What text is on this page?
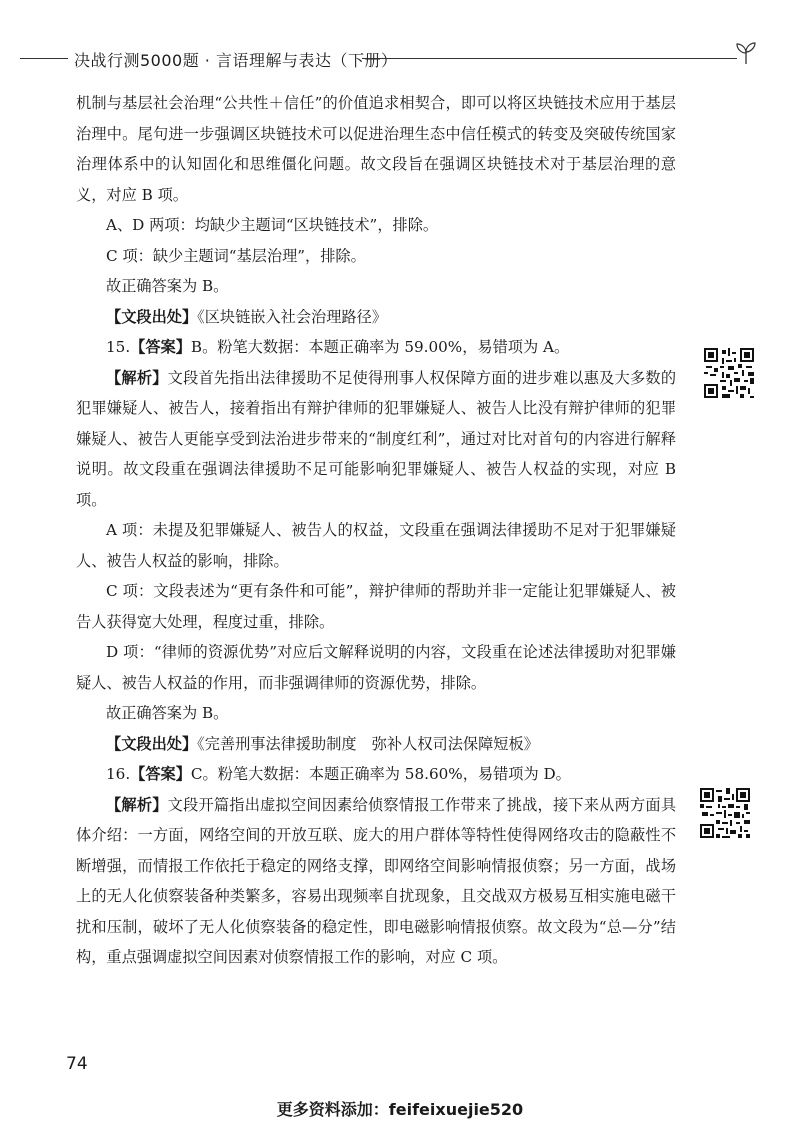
决战行测5000题 · 言语理解与表达（下册）

机制与基层社会治理“公共性＋信任”的价值追求相契合，即可以将区块链技术应用于基层治理中。尾句进一步强调区块链技术可以促进治理生态中信任模式的转变及突破传统国家治理体系中的认知固化和思维僵化问题。故文段旨在强调区块链技术对于基层治理的意义，对应 B 项。

A、D 两项：均缺少主题词“区块链技术”，排除。

C 项：缺少主题词“基层治理”，排除。

故正确答案为 B。

【文段出处】《区块链嵌入社会治理路径》

15.【答案】B。粉笔大数据：本题正确率为 59.00%，易错项为 A。

【解析】文段首先指出法律援助不足使得刑事人权保障方面的进步难以惠及大多数的犯罪嫌疑人、被告人，接着指出有辩护律师的犯罪嫌疑人、被告人比没有辩护律师的犯罪嫌疑人、被告人更能享受到法治进步带来的“制度红利”，通过对比对首句的内容进行解释说明。故文段重在强调法律援助不足可能影响犯罪嫌疑人、被告人权益的实现，对应 B 项。

A 项：未提及犯罪嫌疑人、被告人的权益，文段重在强调法律援助不足对于犯罪嫌疑人、被告人权益的影响，排除。

C 项：文段表述为“更有条件和可能”，辩护律师的帮助并非一定能让犯罪嫌疑人、被告人获得宽大处理，程度过重，排除。

D 项：“律师的资源优势”对应后文解释说明的内容，文段重在论述法律援助对犯罪嫌疑人、被告人权益的作用，而非强调律师的资源优势，排除。

故正确答案为 B。

【文段出处】《完善刑事法律援助制度　弥补人权司法保障短板》

16.【答案】C。粉笔大数据：本题正确率为 58.60%，易错项为 D。

【解析】文段开篇指出虚拟空间因素给侦察情报工作带来了挑战，接下来从两方面具体介绍：一方面，网络空间的开放互联、庞大的用户群体等特性使得网络攻击的隐蔽性不断增强，而情报工作依托于稳定的网络支撑，即网络空间影响情报侦察；另一方面，战场上的无人化侦察装备种类繁多，容易出现频率自扰现象，且交战双方极易互相实施电磁干扰和压制，破坏了无人化侦察装备的稳定性，即电磁影响情报侦察。故文段为“总—分”结构，重点强调虚拟空间因素对侦察情报工作的影响，对应 C 项。

74
更多资料添加：feifeixuejie520
